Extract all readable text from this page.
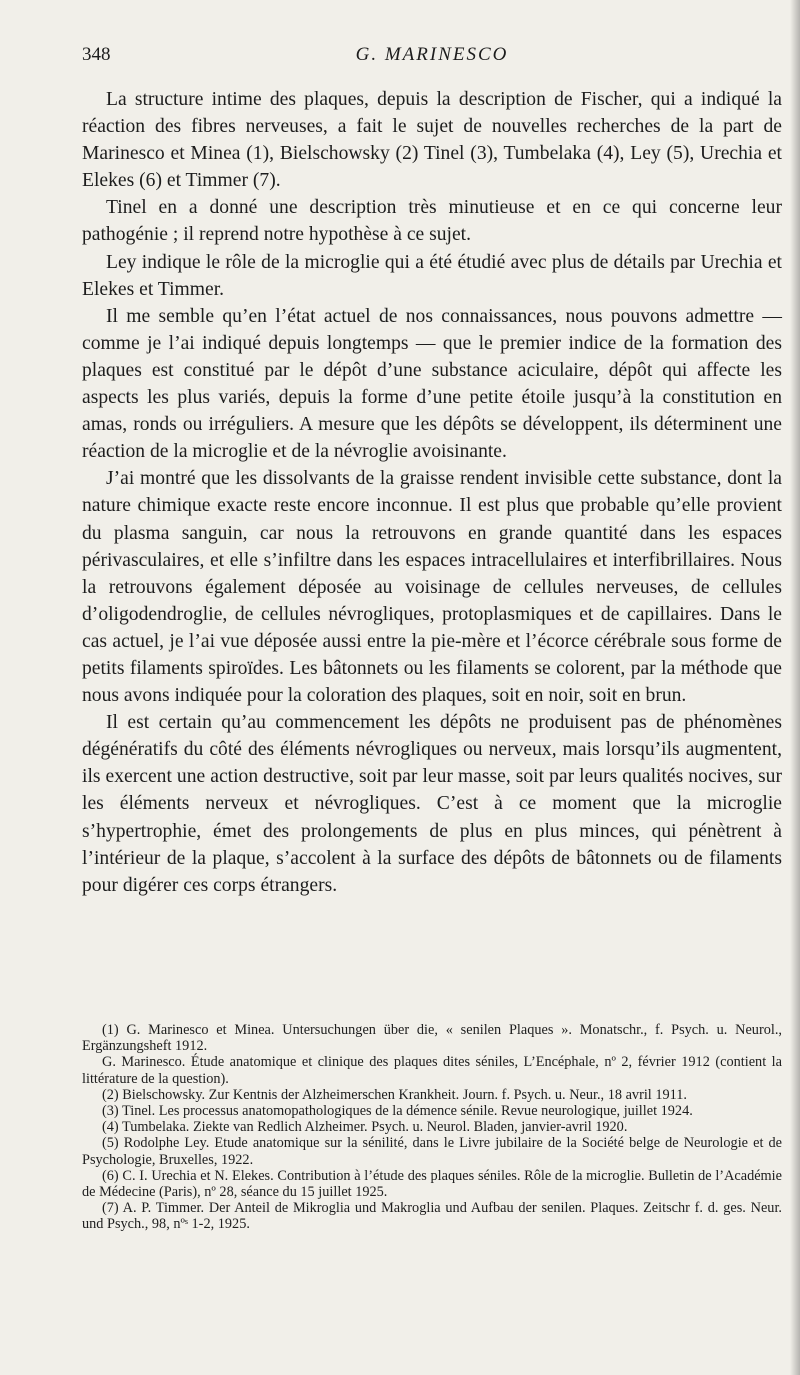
348	G. MARINESCO

La structure intime des plaques, depuis la description de Fischer, qui a indiqué la réaction des fibres nerveuses, a fait le sujet de nouvelles recherches de la part de Marinesco et Minea (1), Bielschowsky (2) Tinel (3), Tumbelaka (4), Ley (5), Urechia et Elekes (6) et Timmer (7).

Tinel en a donné une description très minutieuse et en ce qui concerne leur pathogénie ; il reprend notre hypothèse à ce sujet.

Ley indique le rôle de la microglie qui a été étudié avec plus de détails par Urechia et Elekes et Timmer.

Il me semble qu’en l’état actuel de nos connaissances, nous pouvons admettre — comme je l’ai indiqué depuis longtemps — que le premier indice de la formation des plaques est constitué par le dépôt d’une substance aciculaire, dépôt qui affecte les aspects les plus variés, depuis la forme d’une petite étoile jusqu’à la constitution en amas, ronds ou irréguliers. A mesure que les dépôts se développent, ils déterminent une réaction de la microglie et de la névroglie avoisinante.

J’ai montré que les dissolvants de la graisse rendent invisible cette substance, dont la nature chimique exacte reste encore inconnue. Il est plus que probable qu’elle provient du plasma sanguin, car nous la retrouvons en grande quantité dans les espaces périvasculaires, et elle s’infiltre dans les espaces intracellulaires et interfibrillaires. Nous la retrouvons également déposée au voisinage de cellules nerveuses, de cellules d’oligodendroglie, de cellules névrogliques, protoplasmiques et de capillaires. Dans le cas actuel, je l’ai vue déposée aussi entre la pie-mère et l’écorce cérébrale sous forme de petits filaments spiroïdes. Les bâtonnets ou les filaments se colorent, par la méthode que nous avons indiquée pour la coloration des plaques, soit en noir, soit en brun.

Il est certain qu’au commencement les dépôts ne produisent pas de phénomènes dégénératifs du côté des éléments névrogliques ou nerveux, mais lorsqu’ils augmentent, ils exercent une action destructive, soit par leur masse, soit par leurs qualités nocives, sur les éléments nerveux et névrogliques. C’est à ce moment que la microglie s’hypertrophie, émet des prolongements de plus en plus minces, qui pénètrent à l’intérieur de la plaque, s’accolent à la surface des dépôts de bâtonnets ou de filaments pour digérer ces corps étrangers.

(1) G. Marinesco et Minea. Untersuchungen über die, « senilen Plaques ». Monatschr., f. Psych. u. Neurol., Ergänzungsheft 1912.

G. Marinesco. Étude anatomique et clinique des plaques dites séniles, L’Encéphale, nº 2, février 1912 (contient la littérature de la question).

(2) Bielschowsky. Zur Kentnis der Alzheimerschen Krankheit. Journ. f. Psych. u. Neur., 18 avril 1911.

(3) Tinel. Les processus anatomopathologiques de la démence sénile. Revue neurologique, juillet 1924.

(4) Tumbelaka. Ziekte van Redlich Alzheimer. Psych. u. Neurol. Bladen, janvier-avril 1920.

(5) Rodolphe Ley. Etude anatomique sur la sénilité, dans le Livre jubilaire de la Société belge de Neurologie et de Psychologie, Bruxelles, 1922.

(6) C. I. Urechia et N. Elekes. Contribution à l’étude des plaques séniles. Rôle de la microglie. Bulletin de l’Académie de Médecine (Paris), nº 28, séance du 15 juillet 1925.

(7) A. P. Timmer. Der Anteil de Mikroglia und Makroglia und Aufbau der senilen. Plaques. Zeitschr f. d. ges. Neur. und Psych., 98, nºˢ 1-2, 1925.
